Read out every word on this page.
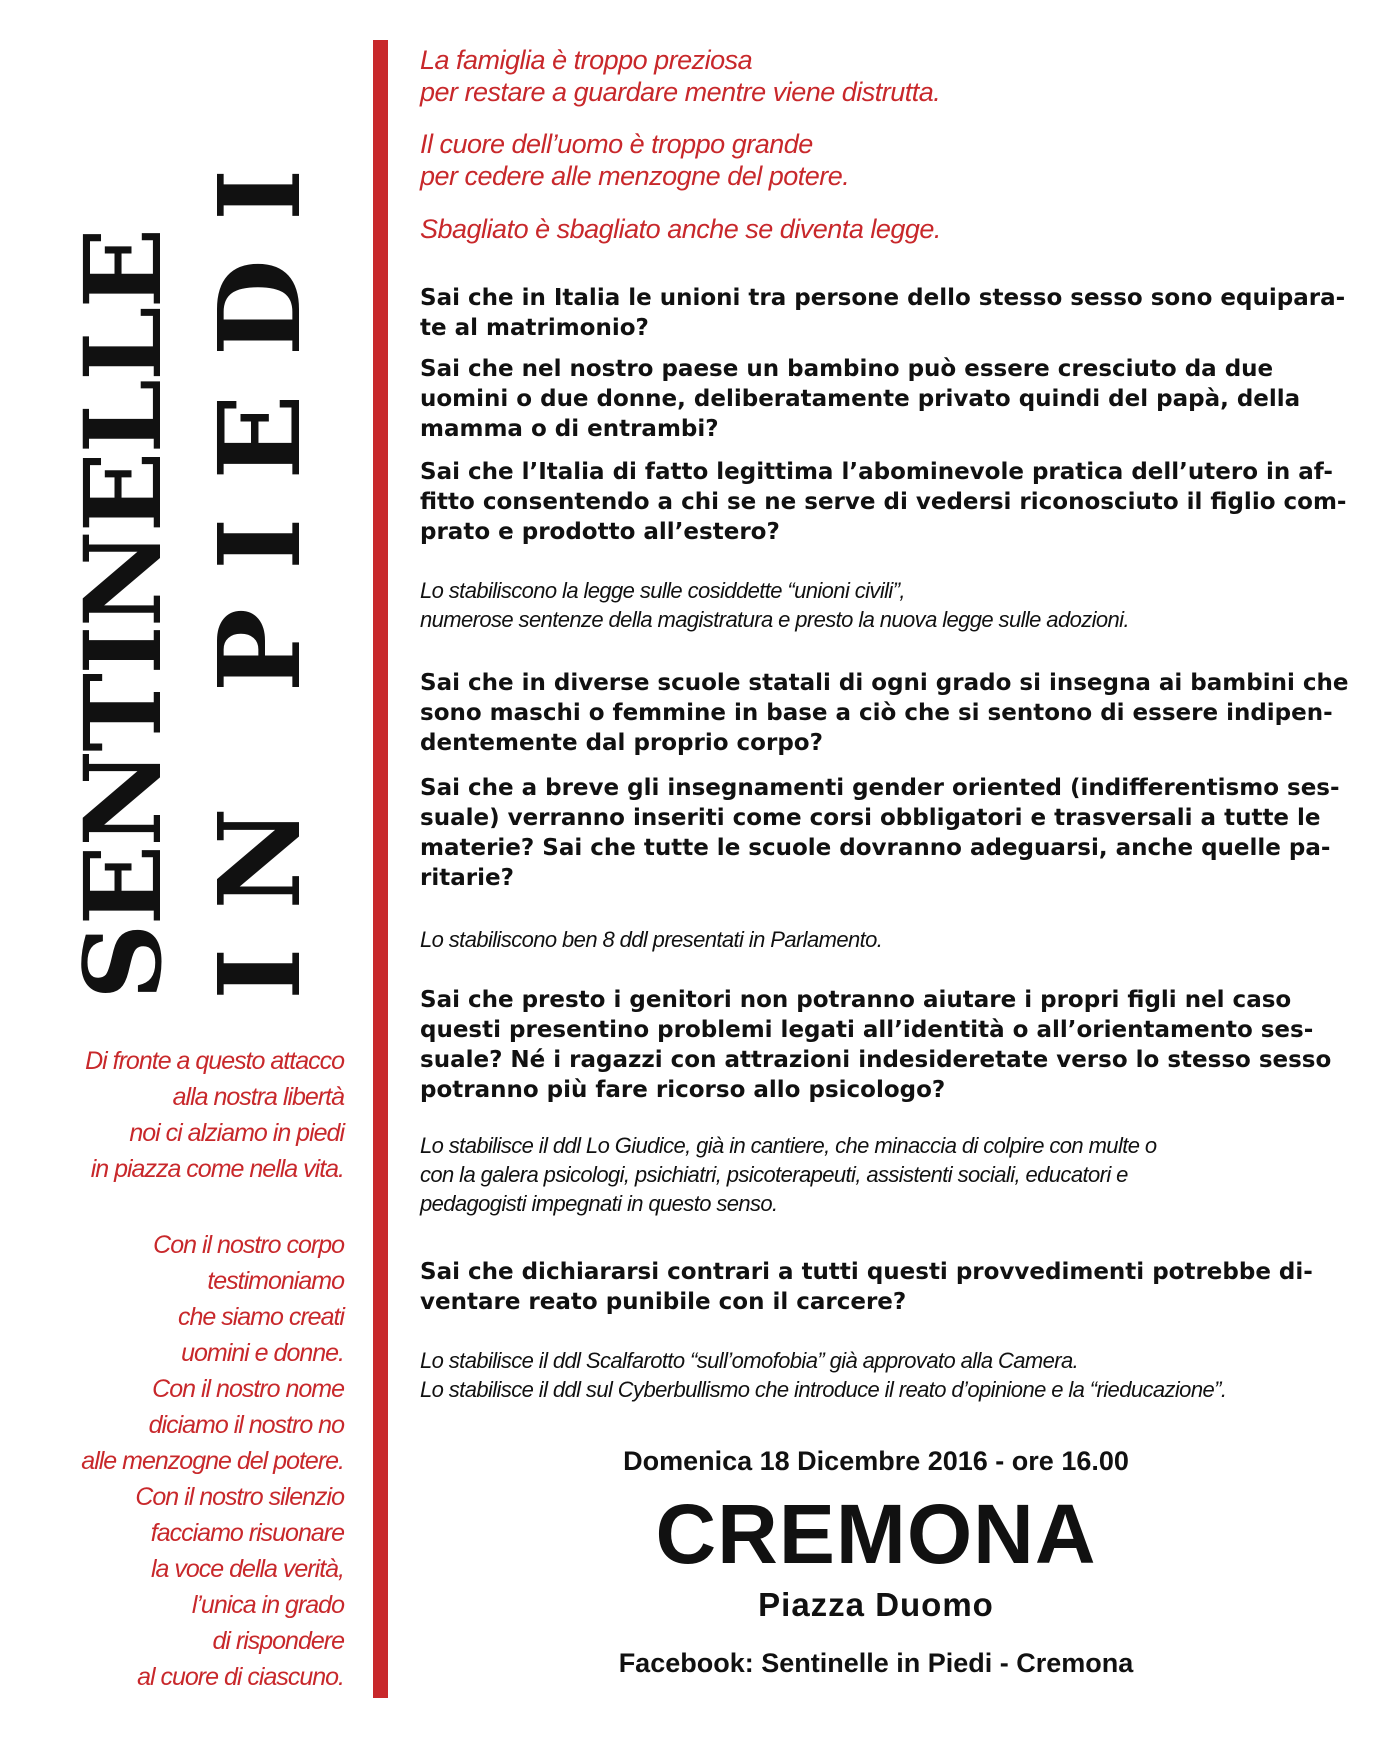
SENTINELLE IN PIEDI
Di fronte a questo attacco
alla nostra libertà
noi ci alziamo in piedi
in piazza come nella vita.
Con il nostro corpo
testimoniamo
che siamo creati
uomini e donne.
Con il nostro nome
diciamo il nostro no
alle menzogne del potere.
Con il nostro silenzio
facciamo risuonare
la voce della verità,
l’unica in grado
di rispondere
al cuore di ciascuno.
La famiglia è troppo preziosa
per restare a guardare mentre viene distrutta.
Il cuore dell’uomo è troppo grande
per cedere alle menzogne del potere.
Sbagliato è sbagliato anche se diventa legge.
Sai che in Italia le unioni tra persone dello stesso sesso sono equipara-
te al matrimonio?
Sai che nel nostro paese un bambino può essere cresciuto da due
uomini o due donne, deliberatamente privato quindi del papà, della
mamma o di entrambi?
Sai che l’Italia di fatto legittima l’abominevole pratica dell’utero in af-
fitto consentendo a chi se ne serve di vedersi riconosciuto il figlio com-
prato e prodotto all’estero?
Lo stabiliscono la legge sulle cosiddette “unioni civili”,
numerose sentenze della magistratura e presto la nuova legge sulle adozioni.
Sai che in diverse scuole statali di ogni grado si insegna ai bambini che
sono maschi o femmine in base a ciò che si sentono di essere indipen-
dentemente dal proprio corpo?
Sai che a breve gli insegnamenti gender oriented (indifferentismo ses-
suale) verranno inseriti come corsi obbligatori e trasversali a tutte le
materie? Sai che tutte le scuole dovranno adeguarsi, anche quelle pa-
ritarie?
Lo stabiliscono ben 8 ddl presentati in Parlamento.
Sai che presto i genitori non potranno aiutare i propri figli nel caso
questi presentino problemi legati all’identità o all’orientamento ses-
suale? Né i ragazzi con attrazioni indesideretate verso lo stesso sesso
potranno più fare ricorso allo psicologo?
Lo stabilisce il ddl Lo Giudice, già in cantiere, che minaccia di colpire con multe o
con la galera psicologi, psichiatri, psicoterapeuti, assistenti sociali, educatori e
pedagogisti impegnati in questo senso.
Sai che dichiararsi contrari a tutti questi provvedimenti potrebbe di-
ventare reato punibile con il carcere?
Lo stabilisce il ddl Scalfarotto “sull’omofobia” già approvato alla Camera.
Lo stabilisce il ddl sul Cyberbullismo che introduce il reato d’opinione e la “rieducazione”.
Domenica 18 Dicembre 2016 - ore 16.00
CREMONA
Piazza Duomo
Facebook: Sentinelle in Piedi - Cremona
